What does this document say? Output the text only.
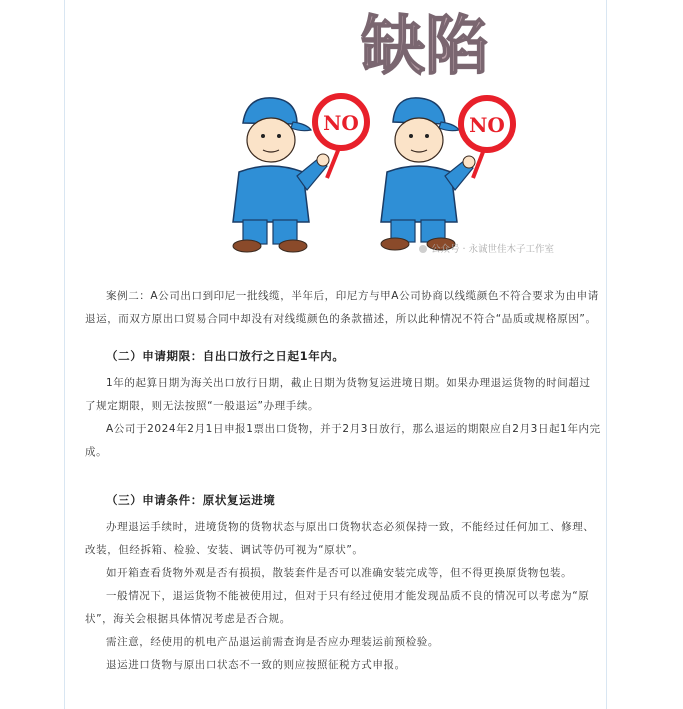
缺陷
NO	NO
公众号 · 永诚世佳木子工作室

案例二：A公司出口到印尼一批线缆，半年后，印尼方与甲A公司协商以线缆颜色不符合要求为由申请退运，而双方原出口贸易合同中却没有对线缆颜色的条款描述，所以此种情况不符合“品质或规格原因”。

（二）申请期限：自出口放行之日起1年内。

1年的起算日期为海关出口放行日期，截止日期为货物复运进境日期。如果办理退运货物的时间超过了规定期限，则无法按照“一般退运”办理手续。

A公司于2024年2月1日申报1票出口货物，并于2月3日放行，那么退运的期限应自2月3日起1年内完成。

（三）申请条件：原状复运进境

办理退运手续时，进境货物的货物状态与原出口货物状态必须保持一致，不能经过任何加工、修理、改装，但经拆箱、检验、安装、调试等仍可视为“原状”。

如开箱查看货物外观是否有损损，散装套件是否可以准确安装完成等，但不得更换原货物包装。

一般情况下，退运货物不能被使用过，但对于只有经过使用才能发现品质不良的情况可以考虑为“原状”，海关会根据具体情况考虑是否合规。

需注意，经使用的机电产品退运前需查询是否应办理装运前预检验。

退运进口货物与原出口状态不一致的则应按照征税方式申报。
